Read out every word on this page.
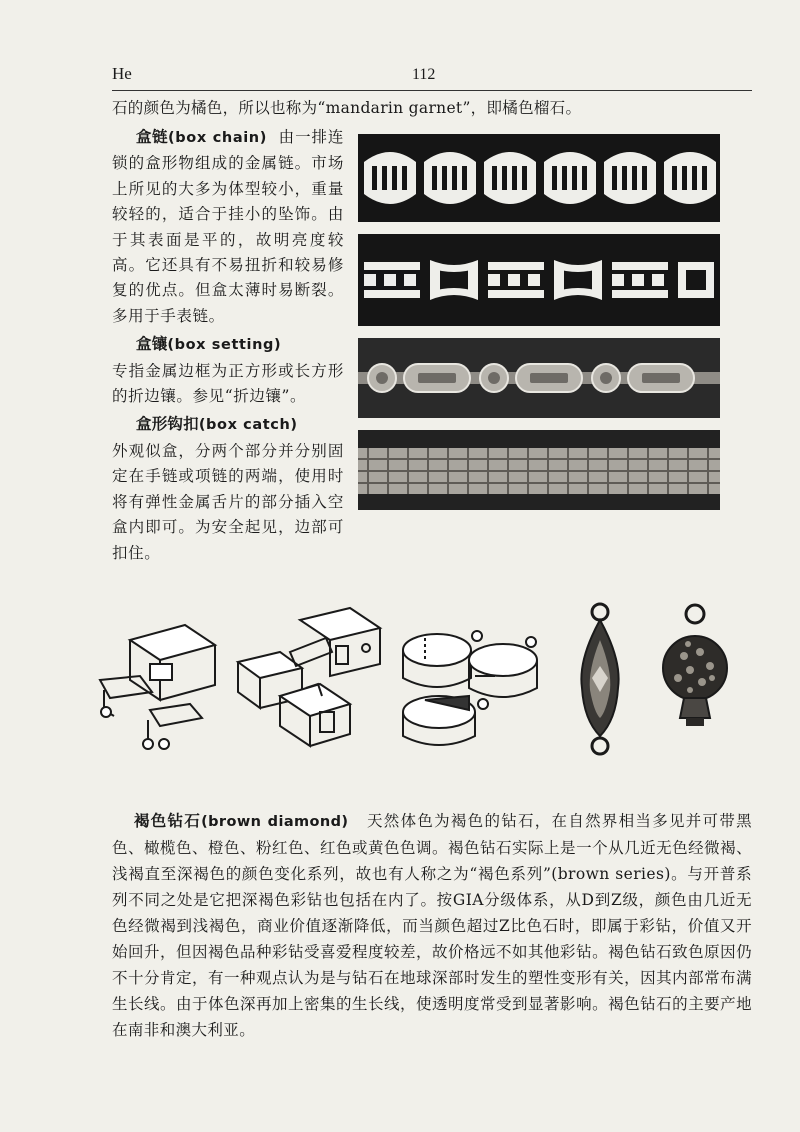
He	112
石的颜色为橘色，所以也称为“mandarin garnet”，即橘色榴石。

盒链(box chain) 由一排连锁的盒形物组成的金属链。市场上所见的大多为体型较小，重量较轻的，适合于挂小的坠饰。由于其表面是平的，故明亮度较高。它还具有不易扭折和较易修复的优点。但盒太薄时易断裂。多用于手表链。

盒镶(box setting)
专指金属边框为正方形或长方形的折边镶。参见“折边镶”。

盒形钩扣(box catch)
外观似盒，分两个部分并分别固定在手链或项链的两端，使用时将有弹性金属舌片的部分插入空盒内即可。为安全起见，边部可扣住。

褐色钻石(brown diamond) 天然体色为褐色的钻石，在自然界相当多见并可带黑色、橄榄色、橙色、粉红色、红色或黄色色调。褐色钻石实际上是一个从几近无色经微褐、浅褐直至深褐色的颜色变化系列，故也有人称之为“褐色系列”(brown series)。与开普系列不同之处是它把深褐色彩钻也包括在内了。按GIA分级体系，从D到Z级，颜色由几近无色经微褐到浅褐色，商业价值逐渐降低，而当颜色超过Z比色石时，即属于彩钻，价值又开始回升，但因褐色品种彩钻受喜爱程度较差，故价格远不如其他彩钻。褐色钻石致色原因仍不十分肯定，有一种观点认为是与钻石在地球深部时发生的塑性变形有关，因其内部常布满生长线。由于体色深再加上密集的生长线，使透明度常受到显著影响。褐色钻石的主要产地在南非和澳大利亚。
